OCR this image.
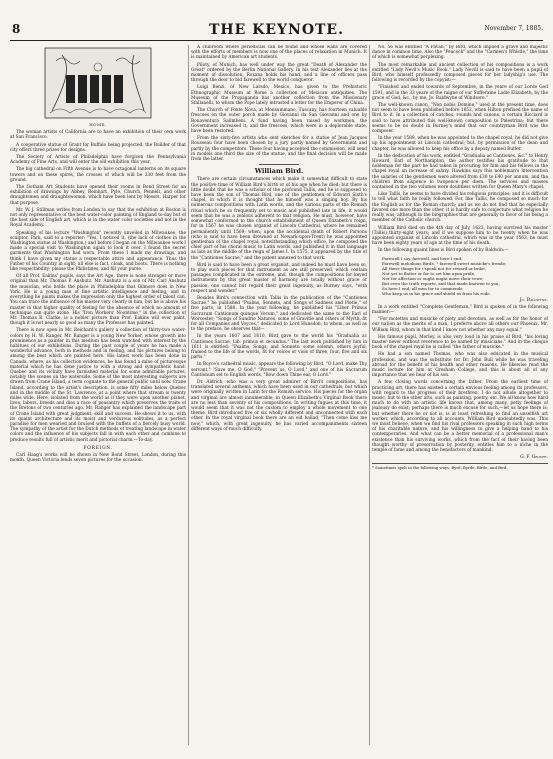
8	THE KEYNOTE.	November 7, 1885.
HOME.

The woman artists of California are to have an exhibition of their own work at San Francisco.

A cooperative statue of Grant for Buffalo being projected, the Builder of that city offers three prizes for designs.

The Society of Artists of Philadelphia have forgiven the Pennsylvania Academy of Fine Arts, and will enter the old exhibition this year.

The big cathedral on Fifth Avenue is to have octagonal lanterns on its square towers and on these spires, the crosses of which will be 330 feet from the ground.

The Gotham Art Students have opened their rooms in Bond Street for an exhibition of drawings by Abbey, Reinhart, Pyle, Church, Pennell, and other draughtsmen and draughtswomen, which have been lent by Messrs. Harper for that purpose.

Mr. W. J. Stillman writes from London to say that the exhibition at Boston is not only representative of the best water-color painting of England to-day but of the best side of English art, which is in the water color societies and not in the Royal Academy.

Speaking of his lecture "Washington" recently unveiled in Milwaukee, the sculptor, Park, said to a reporter: "Yes, I noticed it, (the lack of clothes in the Washington statue at Washington,) and before I began on the Milwaukee work I made a special visit to Washington again to look it over. I found the secret garments that Washington had worn. From these I made my drawings, and think I have given my statue a respectable attire and appearance. Thus the Father of his Country in sight; all else is fact, cloak, and boots. There is nothing like respectability; please the Philistines, and fill your purse.

Of all Prof. Eakins' pupils, says the Art Age, there is none stronger or more original than Mr. Thomas P. Anshutz. Mr. Anshutz is a son of Mr. Carl Anshutz the musician, who holds the place in Philadelphia that Gilmore does in New York. He is a young man of fine artistic intelligence and feeling, and in everything he paints makes the impression only the highest order of talent can. You can trace the influence of his master very clearly in him, but he is above his master in that higher quality of feeling for the absence of which no amount of technique can quite atone. His "Iron Workers' Noontime," in the collection of Mr. Thomas B. Clarke, is a nobler picture than Prof. Eakins will ever paint, though it is not nearly so good as many the Professor has painted.

There is now open in Mr. Reichard's gallery a collection of thirty-two water-colors by H. W. Ranger. Mr. Ranger is a young New Yorker, whose growth into prominence as a painter in this medium has been watched with interest by the habitues of our exhibitions. During the past couple of years he has made a wonderful advance, both in methods and in feeling, and his pictures belong to among the best which are painted here. His latest work has been done in Canada, where, as his collection evidences, he has found a mine of picturesque material which he has done justice to with a strong and sympathetic hand. Quebec and its vicinity have furnished material for some admirable pictures, notably the scenes on the waterside. Some of the most interesting subjects are drawn from Crane Island, a term cognate to the general public until now. Crane Island, according to the artist's description, is some fifty miles below Quebec and in the middle of the St. Lawrence, at a point where that stream is twenty miles wide. Here, isolated from the world as if they were upon another planet, lives, labors, breeds and dies a race of peasantry which preserves the traits of the Bretons of two centuries ago. Mr. Ranger has explained the landscape part of Crane Island with great judgment, skill and success. He shows it to us, with its quaint architecture and its moist and verdurous solitudes, as a perfect paradise for men wearied and bruised with the buffets of a fiercely busy world. The sympathy of the artist for the Dutch methods of treating landscape in water colors and the influence of his subjects fall in with each other and combine to produce results full of artistic merit and pictorial charm.—To-day.

FOREIGN.

Carl Haag's works will be shown in New Bond Street, London, during this month. Queen Victoria lends seven pictures for the occasion.

A clubroom where periodicals can be found and whose walls are covered with the efforts of members is now one of the places of relaxation in Munich. It is maintained by American art students.

Piloty, of Munich, has well under way the great "Death of Alexander the Great" ordered by the Berlin National Gallery. In his text Alexander lies at the moment of dissolution; Roxana holds his hand, and a line of officers pass through the door to bid farewell to the world conqueror.

Luigi Benzi, of New Larsdo, Mexico, has given to the Prehistoric Ethnographic Museum at Rome a collection of Mexican antiquities. The Museum of the Propaganda has another collection from the Missionary Sfallanelli, to whom the Pope lately intrusted a letter for the Emperor of China.

The Church of Fonte Nova, at Monsummano, Tuscany, has fourteen valuable frescoes on the outer porch made by Giovanni da San Giovanni and one by Bonaventura Salimbeni. A fund having been raised by workmen, the Government increased it, and the frescoes, which were in a deplorable state, have been restored.

From the sixty-five artists who sent sketches for a statue of Jean Jacques Rousseau four have been chosen by a jury partly named by Government and partly by the competitors. These four having accepted the commission, will send in models one third the size of the statue, and the final decision will be made from the latter.

William Bird.

There are certain circumstances which make it somewhat difficult to state the positive time of William Bird's birth or of his age when he died; but there is little doubt that he was a scholar of the profound Tallis, and he is supposed to have been the son of Thomas Bird, one of the gentlemen of Edward Sixth's chapel, in which it is thought that he himself was a singing boy. By his numerous compositions with Latin words, and the various parts of the Romish ritual which he so frequently set to music and published late in life, it would seem that he was a zealous adherent to that religion. He must, however, have somewhat conformed to the church establishment of Queen Elizabeth's reign, for in 1567 he was chosen organist of Lincoln Cathedral, where he remained permanently until 1569; when, upon the accidental death of Robert Parsons (who is said to have been drowned at Newark-upon-Trent) he was appointed gentleman of the chapel royal; notwithstanding which office, he composed the chief part of his choral music to Latin words, and published it in that language as late as the middle of the reign of James I. In 1575, it appeared by the title of the "Cantiones Sacrae," and the patent annexed to that work.

Bird is said to have been a great organist, and indeed he must have been so, to play such pieces for that instrument as are still preserved, which contain passages complicated in the extreme, and, though the compositions for keyed instruments by this great master of harmony are totally without grace or passion, one cannot but regard their great ingenuity, as Burney says, "with respect and wonder."

Besides Bird's connection with Tallis in the publication of the "Cantiones Sacrae," he published "Psalms, Sonnets, and Songs of Sadness and Pietie," of five parts, in 1588. In the year following, he published his "Liber Primus Sacrarum Cantionum quinque Vocum," and dedicated the same to the Earl of Worcester; "Songs of Sundrie Natures, some of Gravitie and others of Myrth, fit for all Companies and Voyces," dedicated to Lord Hunsdon; to whom, as well as to the preface, he observes that—

In the years 1607 and 1610, Bird gave to the world his "Gradualia ac Cantiones Sacrae, Lib. primus et secundus." The last work published by him in 1611 is entitled: "Psalms, Songs, and Sonnets: some solemn, others joyful, framed to the life of the words, fit for voices or viols of three, four, five and six parts."

In Boyce's cathedral music, appears the following by Bird, "O Lord, make Thy servant," "Save me, O God," "Prevent us, O Lord," and one of his Sacrarum Cantionum set to English words, "Bow down Thine ear, O Lord."

Dr. Aldrich, who was a very great admirer of Bird's compositions, has translated several anthems, which have been used in our cathedrals; but which were originally written in Latin for the Romish service. His pieces for the organ and virginal are almost innumerable; in Queen Elizabeth's Virginal Book there are no less than seventy of his compositions. In writing fugues at this time, it would seem that it was not the custom to employ a whole movement to one theme. Bird introduced five or six wholly different and unconnected with each other. In the royal virginal book there are an old ballad, "Then come kiss me now," which, with great ingenuity, he has varied accompaniments sixteen different ways of much difficulty.

No. 56 was entitled "A Pavan," by Bird, which implied a grave and majestic dance in common time. Also the "Peacock" and the "Carmen's Whistle," the time of which is somewhat perplexing.

The most remarkable and ancient collection of his compositions is a work entitled "Lady Nevil's Music Book." Lady Nevill is said to have been a pupil of Bird, who himself professedly composed pieces for her ladyship's use. The following is recorded by the copyist:—

"Finished and ended towards of Septembre, in the yeare of our Lorde God 1591, and in the 33 yeare of the raigne of our Sufferaine Ladie Elizabeth, by the grace of God, &c., by me, Jo. Baldwyne of Windsore."

The well-known canon, "Non nobis Domine," used at the present time, does not seem to have been published before 1652, when Hilton prefixed the name of Bird to it. In a collection of catches, rounds and canons, a certain Ricciard is said to have attributed this well-known composition to Palestrina; but there seems to be no doubt in Burney's mind that our countryman Bird was the composer.

In the year 1589, when he was appointed to the chapel royal, he did not give up his appointment at Lincoln cathedral; but, by permission of the dean and chapter, he was allowed to keep his office by a deputy named Butler.

In the dedication of his work, entitled "Gradualia ac Cantiones, &c." to Henry Howard, Earl of Northampton, the author testifies his gratitude to that nobleman for the part he had taken in procuring for him and his fellows in the chapel royal an increase of salary. Hawkins says this nobleman's intervention the salaries of the gentlemen were altered from £30 to £40 per annum, and the children from sixpence to twopence per diem. The services and masses contained in the two volumes were doubtless written for Queen Mary's chapel.

Like Tallis, he seems to have divided his religious principles; and it is difficult to tell what faith he really followed. For, like Tallis, he composed so much for the English as for the Roman church; and as we do not find that he especially favored one more than the other, it is hardly safe to conjecture what religion he really was; although in the biographies that are generally in favor of his being a member of the Catholic church.

William Bird died on the 4th day of July, 1623, having survived his master (Tallis) thirty-eight years; and if we suppose him to be twenty when he was appointed organist of Lincoln cathedral, which was in the year 1563, he must have been eighty years of age at the time of his death.

In the following quaint lines is Bird spoken of by Baldwin:—

Farewell I say, farewell, and here I end,
Farewell melodious Birde, * farewell sweet musicke's frende;
All these things for t'speak not for reward or bribe,
Nor yet to flatter or for to set him upon pride,
Nor for affection or ought might move their vewe;
But even the truth reporte, and that made knowen to you,
So here I end; all men for to commende
Who keep us in his grace and shield us from his rode.
Jo. Baldwyne.

In a work entitled "Complete Gentleman," Bird is spoken of in the following manner:—

"For motettes and musicke of piety and devotion, as well as for the honor of our nation as the merits of a man, I preferre above all others our Phoenix, Mr. William Bird, whom in that kind I know not whether any may equal."

His famous pupil, Morley, is also very loud in his praise of Bird, "his loving master never without reverence to be named by musicians." And in the cheque book of the chapel royal he is called "the father of musicke."

He had a son named Thomas, who was also educated in the musical profession, and was the substitute for Dr. John Bull while he was traveling abroad for the benefit of his health and other reasons. He likewise read the music lecture for him at Gresham College, and this is about all of any importance that we hear of his son.

A few closing words concerning the father. From the earliest time of practicing art, there has existed a certain envious feeling among its professors, with regard to the progress of their brethren. I do not allude altogether to music, but to the other arts, such as painting, poetry, etc. We all know how hard much to do with an artistic life knows that, among many, petty feelings of jealousy do exist; perhaps there is much excuse for such,—let us hope there is; but whether there be or not is, is at least refreshing to find an unselfish art worker, which, according to all accounts, William Bird undoubtedly was. This we must believe, when we find his rival professors speaking in such high terms of his charitable nature, and his willingness to give a helping hand to his contemporaries. And what can be a better memorial of a professional man's existence than his surviving works, which from the fact of their having been thought worthy of preservation by posterity, entitles him to a niche in the temple of fame and among the benefactors of mankind.

G. F. Grover.
* Sometimes spelt in the following ways, Byrd, Byrde, Birde, and Bird.
